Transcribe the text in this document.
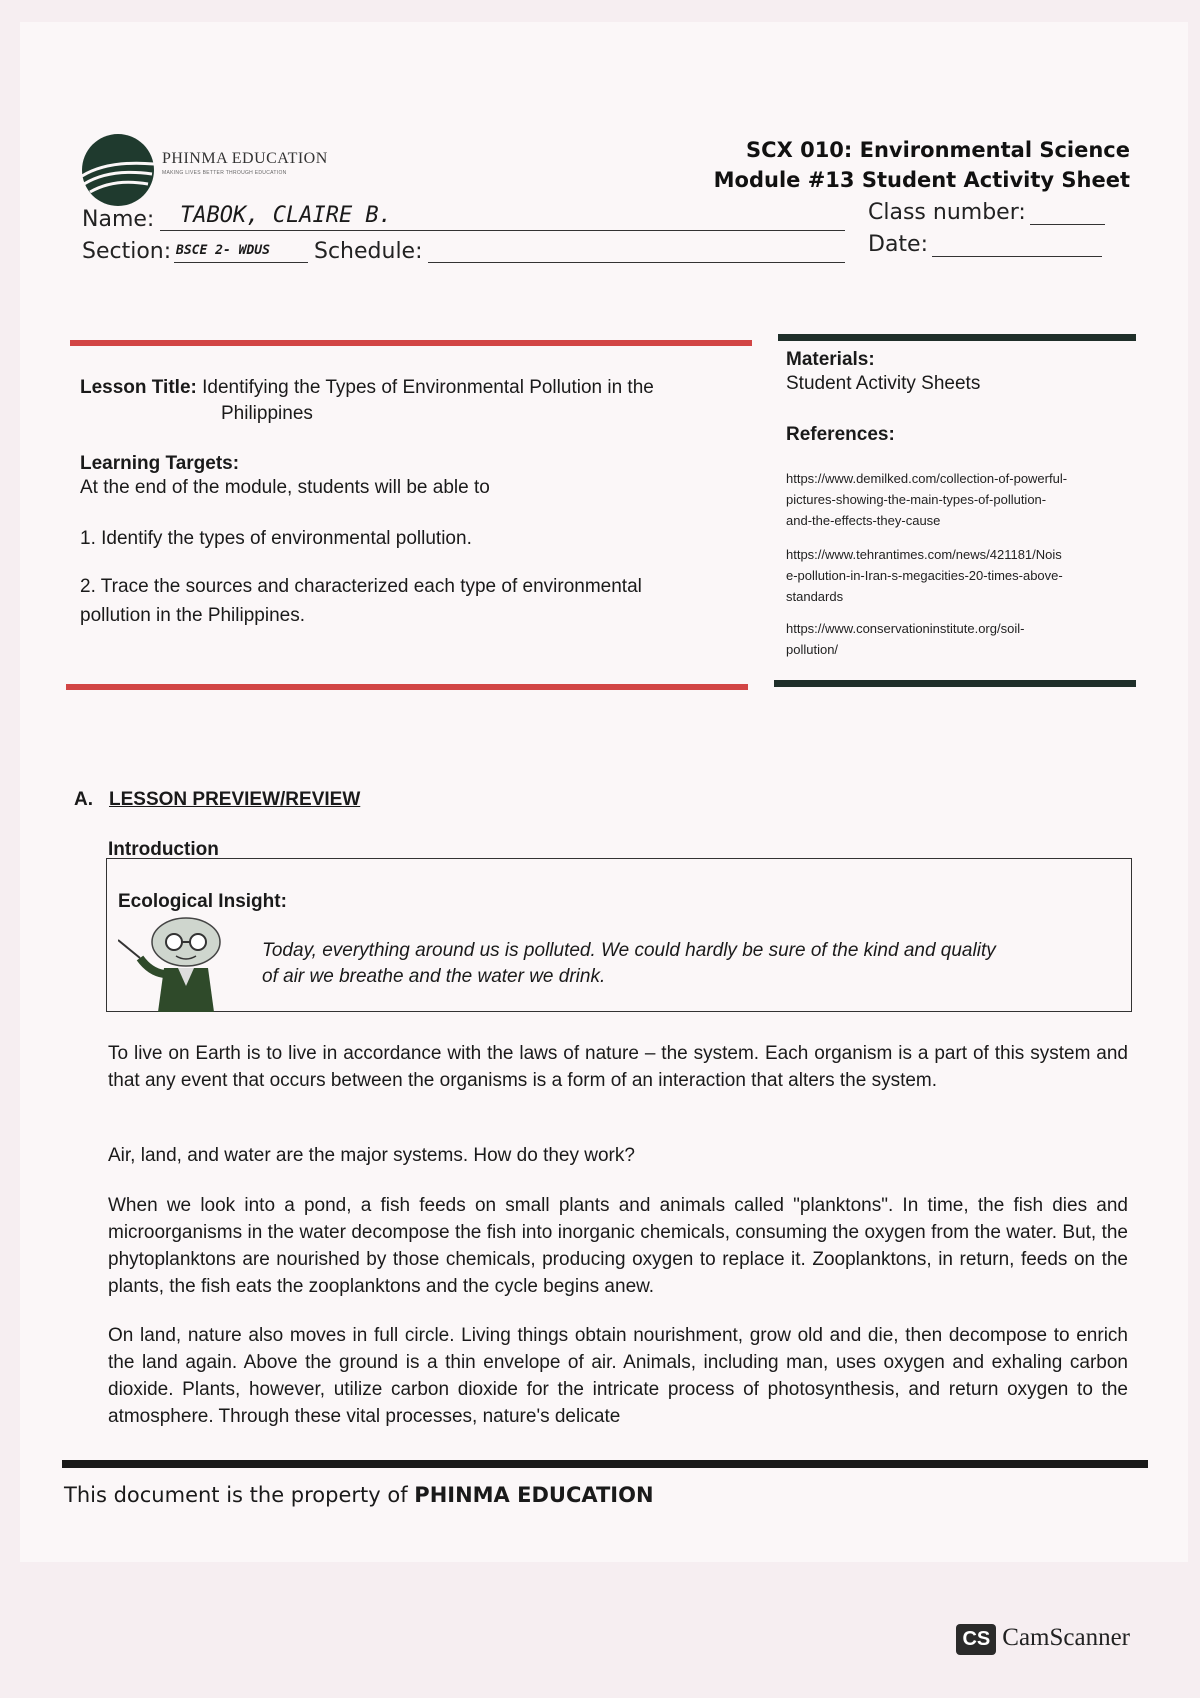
PHINMA EDUCATION
MAKING LIVES BETTER THROUGH EDUCATION
SCX 010: Environmental Science
Module #13 Student Activity Sheet
Name: TABOK, CLAIRE B.	Class number:
Section: BSCE 2- WDUS Schedule:	Date:
Lesson Title: Identifying the Types of Environmental Pollution in the
Philippines
Learning Targets:
At the end of the module, students will be able to
1. Identify the types of environmental pollution.
2. Trace the sources and characterized each type of environmental
pollution in the Philippines.
Materials:
Student Activity Sheets
References:
https://www.demilked.com/collection-of-powerful-
pictures-showing-the-main-types-of-pollution-
and-the-effects-they-cause
https://www.tehrantimes.com/news/421181/Nois
e-pollution-in-Iran-s-megacities-20-times-above-
standards
https://www.conservationinstitute.org/soil-
pollution/
A. LESSON PREVIEW/REVIEW
Introduction
Ecological Insight:
Today, everything around us is polluted. We could hardly be sure of the kind and quality
of air we breathe and the water we drink.
To live on Earth is to live in accordance with the laws of nature – the system. Each organism is a part of this system and that any event that occurs between the organisms is a form of an interaction that alters the system.
Air, land, and water are the major systems. How do they work?
When we look into a pond, a fish feeds on small plants and animals called "planktons". In time, the fish dies and microorganisms in the water decompose the fish into inorganic chemicals, consuming the oxygen from the water. But, the phytoplanktons are nourished by those chemicals, producing oxygen to replace it. Zooplanktons, in return, feeds on the plants, the fish eats the zooplanktons and the cycle begins anew.
On land, nature also moves in full circle. Living things obtain nourishment, grow old and die, then decompose to enrich the land again. Above the ground is a thin envelope of air. Animals, including man, uses oxygen and exhaling carbon dioxide. Plants, however, utilize carbon dioxide for the intricate process of photosynthesis, and return oxygen to the atmosphere. Through these vital processes, nature's delicate
This document is the property of PHINMA EDUCATION
CS CamScanner
